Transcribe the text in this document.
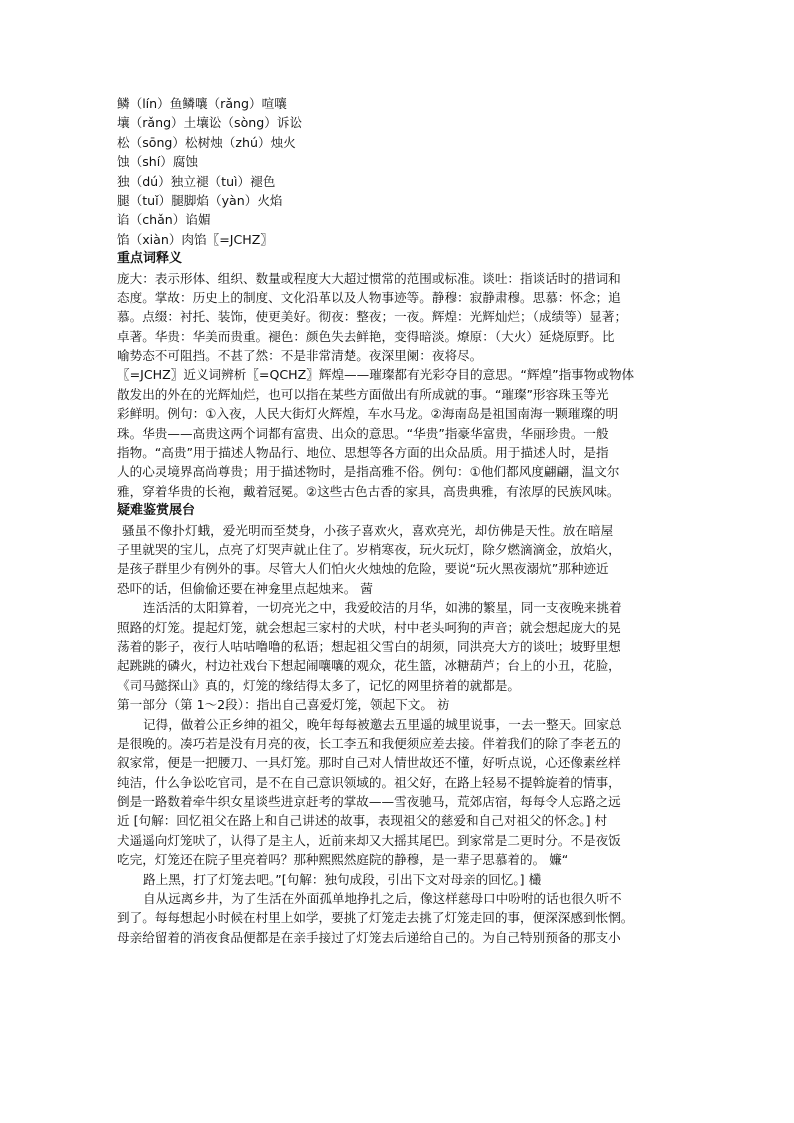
鳞（lín）鱼鳞嚷（rǎng）喧嚷
壤（rǎng）土壤讼（sòng）诉讼
松（sōng）松树烛（zhú）烛火
蚀（shí）腐蚀
独（dú）独立褪（tuì）褪色
腿（tuǐ）腿脚焰（yàn）火焰
谄（chǎn）谄媚
馅（xiàn）肉馅〖=JCHZ〗
重点词释义
庞大：表示形体、组织、数量或程度大大超过惯常的范围或标准。谈吐：指谈话时的措词和
态度。掌故：历史上的制度、文化沿革以及人物事迹等。静穆：寂静肃穆。思慕：怀念；追
慕。点缀：衬托、装饰，使更美好。彻夜：整夜；一夜。辉煌：光辉灿烂；（成绩等）显著；
卓著。华贵：华美而贵重。褪色：颜色失去鲜艳，变得暗淡。燎原：（大火）延烧原野。比
喻势态不可阻挡。不甚了然：不是非常清楚。夜深里阑：夜将尽。
〖=JCHZ〗近义词辨析〖=QCHZ〗辉煌——璀璨都有光彩夺目的意思。“辉煌”指事物或物体
散发出的外在的光辉灿烂，也可以指在某些方面做出有所成就的事。“璀璨”形容珠玉等光
彩鲜明。例句：①入夜，人民大街灯火辉煌，车水马龙。②海南岛是祖国南海一颗璀璨的明
珠。华贵——高贵这两个词都有富贵、出众的意思。“华贵”指豪华富贵，华丽珍贵。一般
指物。“高贵”用于描述人物品行、地位、思想等各方面的出众品质。用于描述人时，是指
人的心灵境界高尚尊贵；用于描述物时，是指高雅不俗。例句：①他们都风度翩翩，温文尔
雅，穿着华贵的长袍，戴着冠冕。②这些古色古香的家具，高贵典雅，有浓厚的民族风味。
疑难鉴赏展台
骚虽不像扑灯蛾，爱光明而至焚身，小孩子喜欢火，喜欢亮光，却仿佛是天性。放在暗屋
子里就哭的宝儿，点亮了灯哭声就止住了。岁梢寒夜，玩火玩灯，除夕燃滴滴金，放焰火，
是孩子群里少有例外的事。尽管大人们怕火火烛烛的危险，要说“玩火黑夜溺炕”那种迹近
恐吓的话，但偷偷还要在神龛里点起烛来。 蒏
连活活的太阳算着，一切亮光之中，我爱皎洁的月华，如沸的繁星，同一支夜晚来挑着
照路的灯笼。提起灯笼，就会想起三家村的犬吠，村中老头呵狗的声音；就会想起庞大的晃
荡着的影子，夜行人咕咕噜噜的私语；想起祖父雪白的胡须，同洪亮大方的谈吐；坡野里想
起跳跳的磷火，村边社戏台下想起闹嚷嚷的观众，花生篮，冰糖葫芦；台上的小丑，花脸，
《司马懿探山》真的，灯笼的缘结得太多了，记忆的网里挤着的就都是。
第一部分（第 1～2段）：指出自己喜爱灯笼，领起下文。 祊
记得，做着公正乡绅的祖父，晚年每每被邀去五里遥的城里说事，一去一整天。回家总
是很晚的。凑巧若是没有月亮的夜，长工李五和我便须应差去接。伴着我们的除了李老五的
叙家常，便是一把腰刀、一具灯笼。那时自己对人情世故还不懂，好听点说，心还像素丝样
纯洁，什么争讼吃官司，是不在自己意识领域的。祖父好，在路上轻易不提斡旋着的情事，
倒是一路数着牵牛织女星谈些进京赶考的掌故——雪夜驰马，荒郊店宿，每每令人忘路之远
近 [句解：回忆祖父在路上和自己讲述的故事，表现祖父的慈爱和自己对祖父的怀念。] 村
犬遥遥向灯笼吠了，认得了是主人，近前来却又大摇其尾巴。到家常是二更时分。不是夜饭
吃完，灯笼还在院子里亮着吗？那种熙熙然庭院的静穆，是一辈子思慕着的。 嬚“
路上黑，打了灯笼去吧。”[句解：独句成段，引出下文对母亲的回忆。] 欉
自从远离乡井，为了生活在外面孤单地挣扎之后，像这样慈母口中吩咐的话也很久听不
到了。每每想起小时候在村里上如学，要挑了灯笼走去挑了灯笼走回的事，便深深感到怅惘。
母亲给留着的消夜食品便都是在亲手接过了灯笼去后递给自己的。为自己特别预备的那支小
